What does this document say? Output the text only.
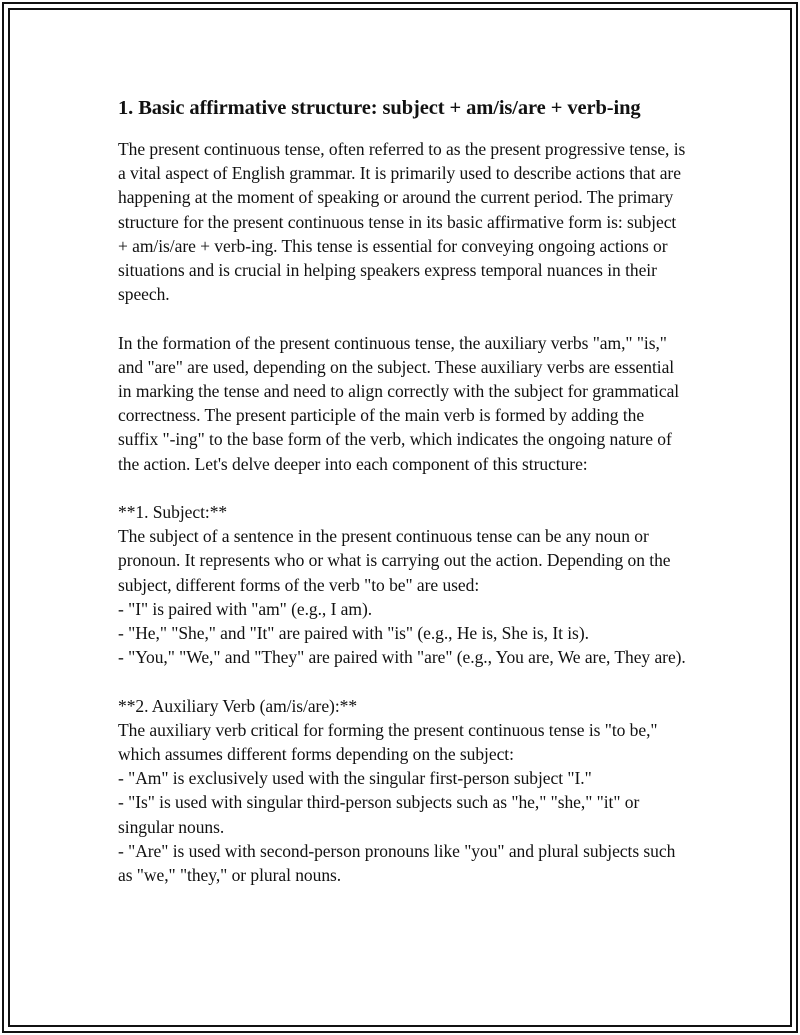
1. Basic affirmative structure: subject + am/is/are + verb-ing

The present continuous tense, often referred to as the present progressive tense, is a vital aspect of English grammar. It is primarily used to describe actions that are happening at the moment of speaking or around the current period. The primary structure for the present continuous tense in its basic affirmative form is: subject + am/is/are + verb-ing. This tense is essential for conveying ongoing actions or situations and is crucial in helping speakers express temporal nuances in their speech.

In the formation of the present continuous tense, the auxiliary verbs "am," "is," and "are" are used, depending on the subject. These auxiliary verbs are essential in marking the tense and need to align correctly with the subject for grammatical correctness. The present participle of the main verb is formed by adding the suffix "-ing" to the base form of the verb, which indicates the ongoing nature of the action. Let's delve deeper into each component of this structure:

**1. Subject:**
The subject of a sentence in the present continuous tense can be any noun or pronoun. It represents who or what is carrying out the action. Depending on the subject, different forms of the verb "to be" are used:
- "I" is paired with "am" (e.g., I am).
- "He," "She," and "It" are paired with "is" (e.g., He is, She is, It is).
- "You," "We," and "They" are paired with "are" (e.g., You are, We are, They are).

**2. Auxiliary Verb (am/is/are):**
The auxiliary verb critical for forming the present continuous tense is "to be," which assumes different forms depending on the subject:
- "Am" is exclusively used with the singular first-person subject "I."
- "Is" is used with singular third-person subjects such as "he," "she," "it" or singular nouns.
- "Are" is used with second-person pronouns like "you" and plural subjects such as "we," "they," or plural nouns.
